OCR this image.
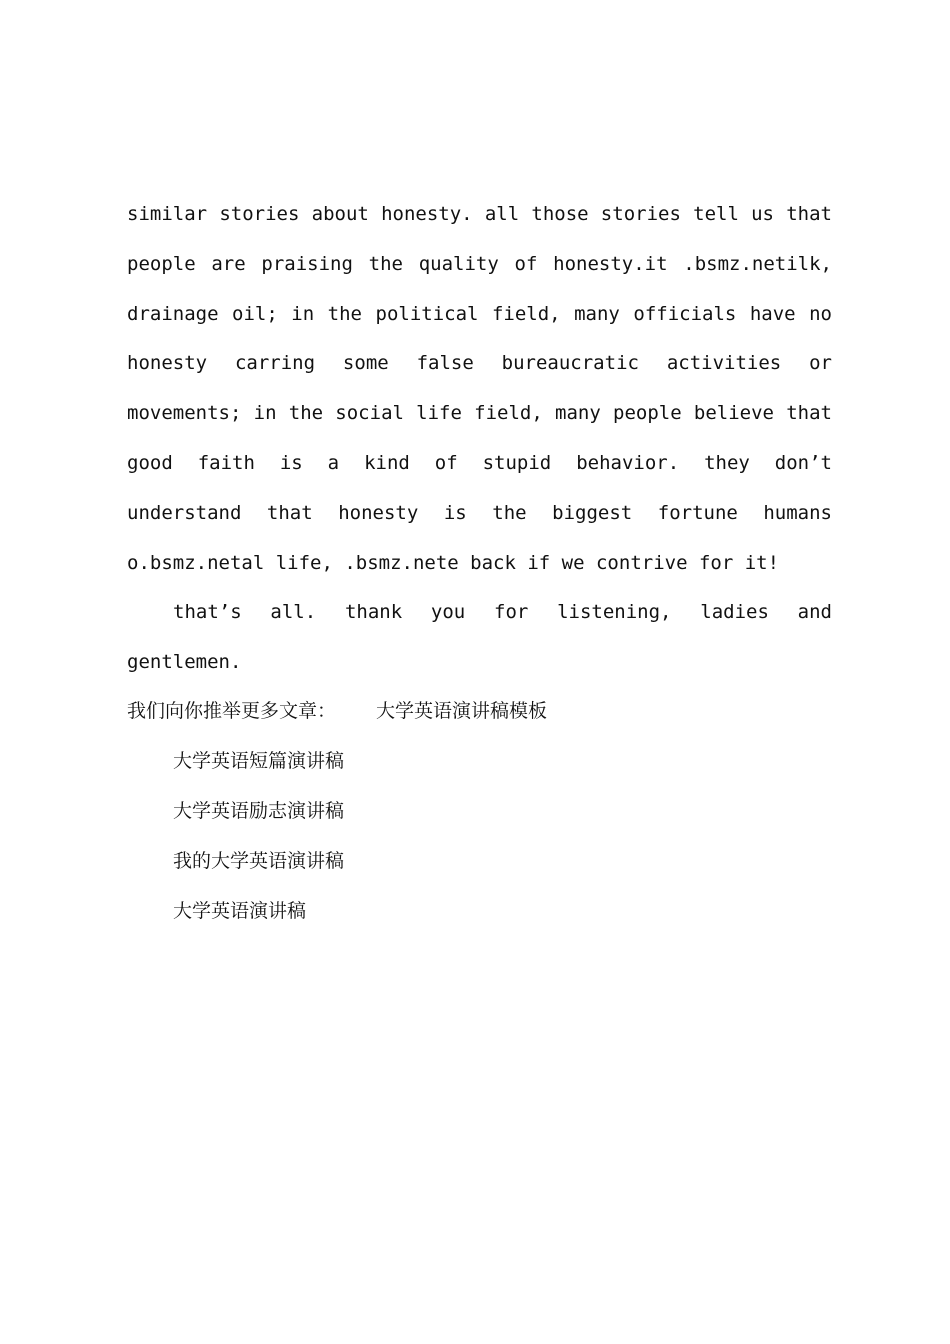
similar stories about honesty. all those stories tell us that people are praising the quality of honesty.it .bsmz.netilk, drainage oil; in the political field, many officials have no honesty carring some false bureaucratic activities or movements; in the social life field, many people believe that good faith is a kind of stupid behavior. they don’t understand that honesty is the biggest fortune humans o.bsmz.netal life, .bsmz.nete back if we contrive for it!

that’s all. thank you for listening, ladies and gentlemen.

我们向你推举更多文章： 大学英语演讲稿模板
大学英语短篇演讲稿
大学英语励志演讲稿
我的大学英语演讲稿
大学英语演讲稿
